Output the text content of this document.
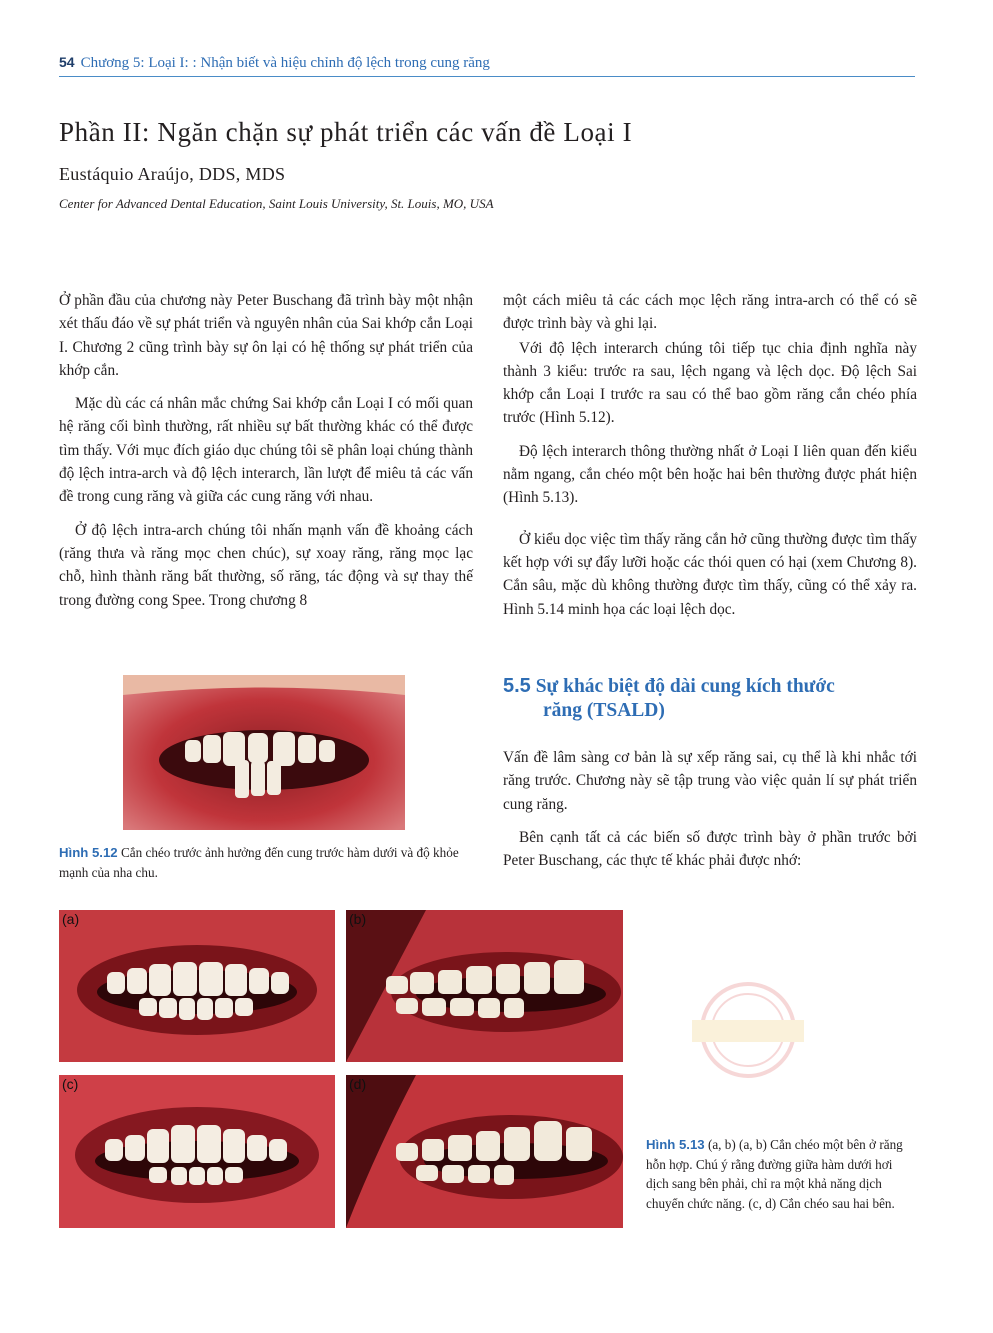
54 Chương 5: Loại I: : Nhận biết và hiệu chỉnh độ lệch trong cung răng
Phần II: Ngăn chặn sự phát triển các vấn đề Loại I
Eustáquio Araújo, DDS, MDS
Center for Advanced Dental Education, Saint Louis University, St. Louis, MO, USA

Ở phần đầu của chương này Peter Buschang đã trình bày một nhận xét thấu đáo về sự phát triển và nguyên nhân của Sai khớp cắn Loại I. Chương 2 cũng trình bày sự ôn lại có hệ thống sự phát triển của khớp cắn.

Mặc dù các cá nhân mắc chứng Sai khớp cắn Loại I có mối quan hệ răng cối bình thường, rất nhiều sự bất thường khác có thể được tìm thấy. Với mục đích giáo dục chúng tôi sẽ phân loại chúng thành độ lệch intra-arch và độ lệch interarch, lần lượt để miêu tả các vấn đề trong cung răng và giữa các cung răng với nhau.

Ở độ lệch intra-arch chúng tôi nhấn mạnh vấn đề khoảng cách (răng thưa và răng mọc chen chúc), sự xoay răng, răng mọc lạc chỗ, hình thành răng bất thường, số răng, tác động và sự thay thế trong đường cong Spee. Trong chương 8

một cách miêu tả các cách mọc lệch răng intra-arch có thể có sẽ được trình bày và ghi lại.

Với độ lệch interarch chúng tôi tiếp tục chia định nghĩa này thành 3 kiểu: trước ra sau, lệch ngang và lệch dọc. Độ lệch Sai khớp cắn Loại I trước ra sau có thể bao gồm răng cắn chéo phía trước (Hình 5.12).

Độ lệch interarch thông thường nhất ở Loại I liên quan đến kiểu nằm ngang, cắn chéo một bên hoặc hai bên thường được phát hiện (Hình 5.13).

Ở kiểu dọc việc tìm thấy răng cắn hở cũng thường được tìm thấy kết hợp với sự đẩy lưỡi hoặc các thói quen có hại (xem Chương 8). Cắn sâu, mặc dù không thường được tìm thấy, cũng có thể xảy ra. Hình 5.14 minh họa các loại lệch dọc.

5.5 Sự khác biệt độ dài cung kích thước
răng (TSALD)

Vấn đề lâm sàng cơ bản là sự xếp răng sai, cụ thể là khi nhắc tới răng trước. Chương này sẽ tập trung vào việc quản lí sự phát triển cung răng.

Bên cạnh tất cả các biến số được trình bày ở phần trước bởi Peter Buschang, các thực tế khác phải được nhớ:

Hình 5.12 Cắn chéo trước ảnh hưởng đến cung trước hàm dưới và độ khỏe mạnh của nha chu.
(a)	(b)
(c)	(d)
Hình 5.13 (a, b) (a, b) Cắn chéo một bên ở răng hỗn hợp. Chú ý rằng đường giữa hàm dưới hơi dịch sang bên phải, chỉ ra một khả năng dịch chuyển chức năng. (c, d) Cắn chéo sau hai bên.
